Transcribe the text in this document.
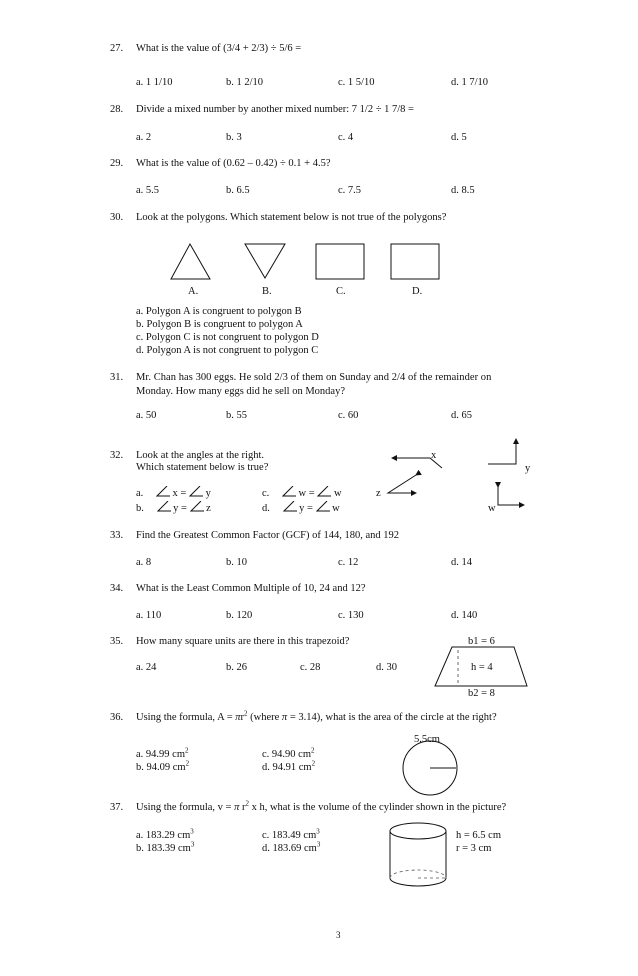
27. What is the value of (3/4 + 2/3) ÷ 5/6 =
a. 1 1/10	b. 1 2/10	c. 1 5/10	d. 1 7/10
28. Divide a mixed number by another mixed number: 7 1/2 ÷ 1 7/8 =
a. 2	b. 3	c. 4	d. 5
29. What is the value of (0.62 – 0.42) ÷ 0.1 + 4.5?
a. 5.5	b. 6.5	c. 7.5	d. 8.5
30. Look at the polygons. Which statement below is not true of the polygons?
A.	B.	C.	D.
a. Polygon A is congruent to polygon B
b. Polygon B is congruent to polygon A
c. Polygon C is not congruent to polygon D
d. Polygon A is not congruent to polygon C
31. Mr. Chan has 300 eggs. He sold 2/3 of them on Sunday and 2/4 of the remainder on
Monday. How many eggs did he sell on Monday?
a. 50	b. 55	c. 60	d. 65
32. Look at the angles at the right.
Which statement below is true?
x
y
z
w
a.	x = y	c.	w = w
b.	y = z	d.	y = w
33. Find the Greatest Common Factor (GCF) of 144, 180, and 192
a. 8	b. 10	c. 12	d. 14
34. What is the Least Common Multiple of 10, 24 and 12?
a. 110	b. 120	c. 130	d. 140
35. How many square units are there in this trapezoid?
a. 24	b. 26	c. 28	d. 30
b1 = 6
h = 4
b2 = 8
36. Using the formula, $A = \pi r^2$ (where π = 3.14), what is the area of the circle at the right?
a. 94.99 $cm^2$	c. 94.90 $cm^2$
b. 94.09 $cm^2$	d. 94.91 $cm^2$
5.5cm
37. Using the formula, v = π $r^2$ x h, what is the volume of the cylinder shown in the picture?
a. 183.29 $cm^3$	c. 183.49 $cm^3$
b. 183.39 $cm^3$	d. 183.69 $cm^3$
h = 6.5 cm
r = 3 cm
3
